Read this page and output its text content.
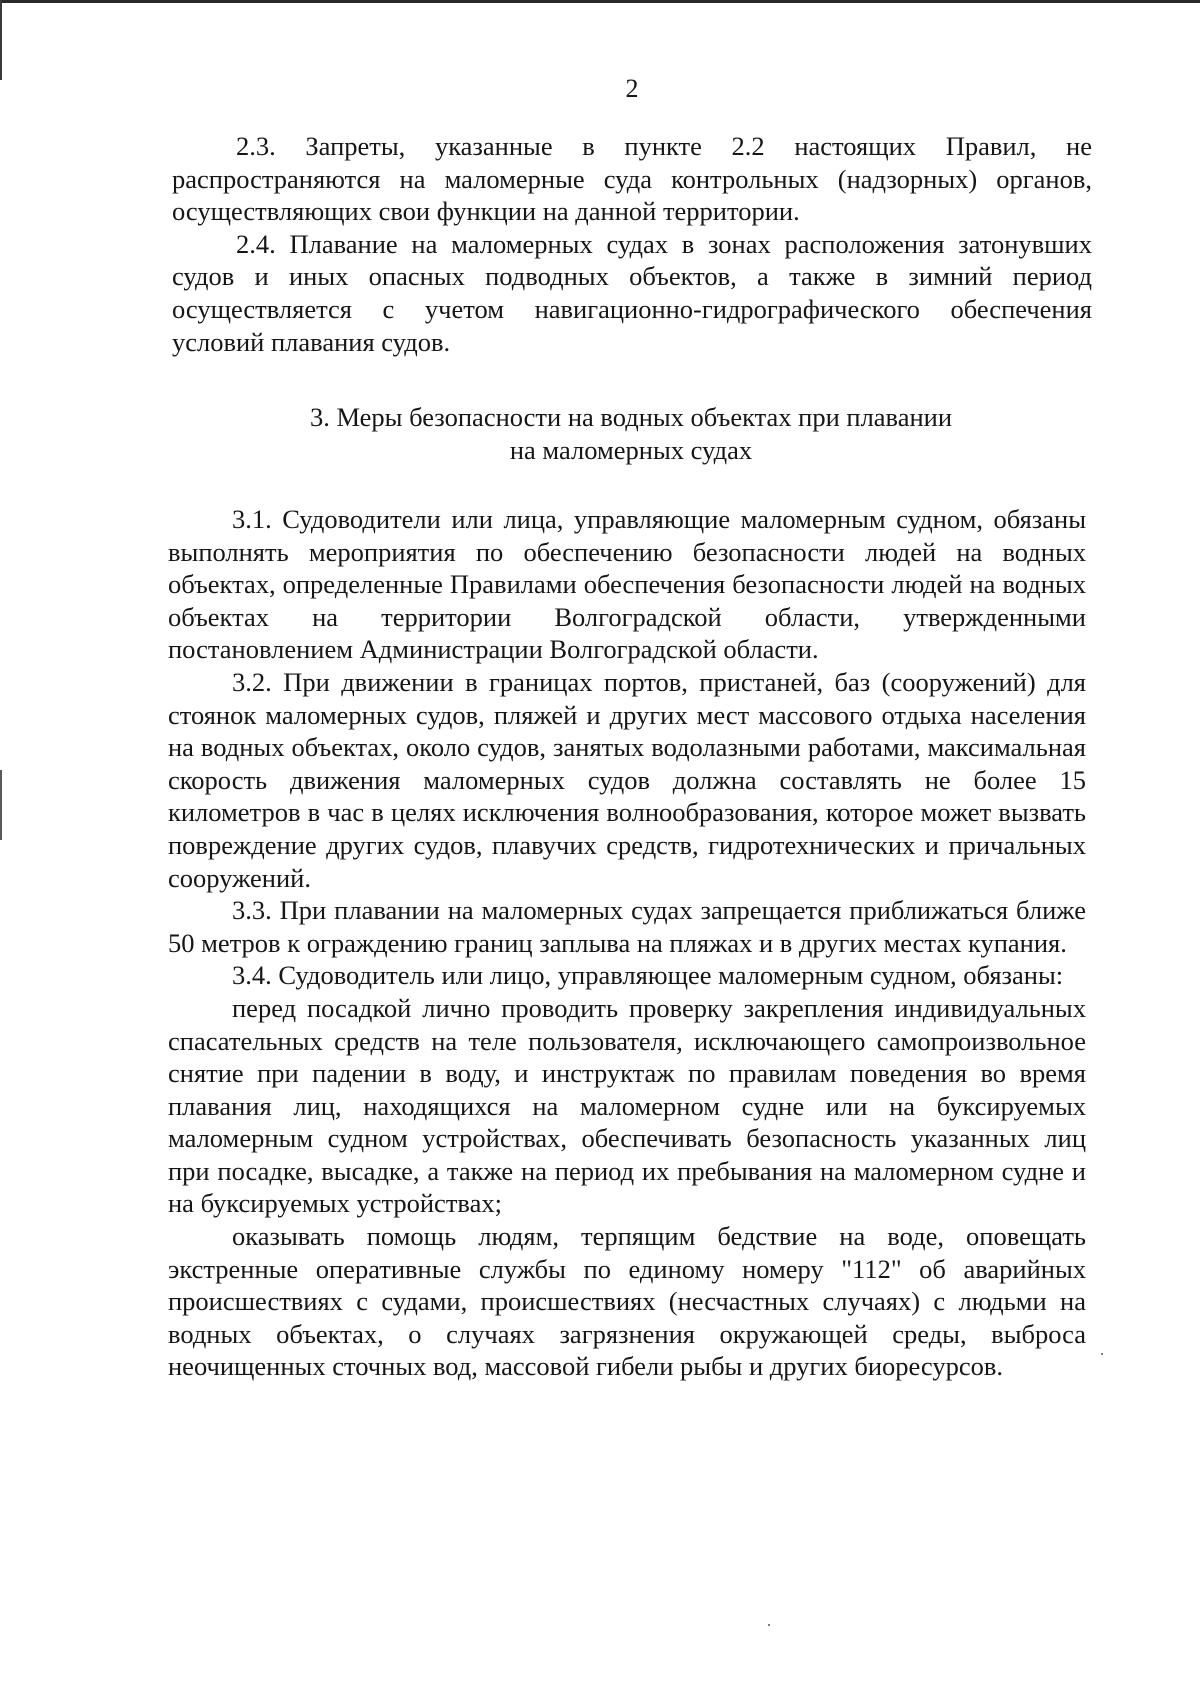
2

2.3. Запреты, указанные в пункте 2.2 настоящих Правил, не распространяются на маломерные суда контрольных (надзорных) органов, осуществляющих свои функции на данной территории.

2.4. Плавание на маломерных судах в зонах расположения затонувших судов и иных опасных подводных объектов, а также в зимний период осуществляется с учетом навигационно-гидрографического обеспечения условий плавания судов.

3. Меры безопасности на водных объектах при плавании
на маломерных судах

3.1. Судоводители или лица, управляющие маломерным судном, обязаны выполнять мероприятия по обеспечению безопасности людей на водных объектах, определенные Правилами обеспечения безопасности людей на водных объектах на территории Волгоградской области, утвержденными постановлением Администрации Волгоградской области.

3.2. При движении в границах портов, пристаней, баз (сооружений) для стоянок маломерных судов, пляжей и других мест массового отдыха населения на водных объектах, около судов, занятых водолазными работами, максимальная скорость движения маломерных судов должна составлять не более 15 километров в час в целях исключения волнообразования, которое может вызвать повреждение других судов, плавучих средств, гидротехнических и причальных сооружений.

3.3. При плавании на маломерных судах запрещается приближаться ближе 50 метров к ограждению границ заплыва на пляжах и в других местах купания.

3.4. Судоводитель или лицо, управляющее маломерным судном, обязаны:

перед посадкой лично проводить проверку закрепления индивидуальных спасательных средств на теле пользователя, исключающего самопроизвольное снятие при падении в воду, и инструктаж по правилам поведения во время плавания лиц, находящихся на маломерном судне или на буксируемых маломерным судном устройствах, обеспечивать безопасность указанных лиц при посадке, высадке, а также на период их пребывания на маломерном судне и на буксируемых устройствах;

оказывать помощь людям, терпящим бедствие на воде, оповещать экстренные оперативные службы по единому номеру "112" об аварийных происшествиях с судами, происшествиях (несчастных случаях) с людьми на водных объектах, о случаях загрязнения окружающей среды, выброса неочищенных сточных вод, массовой гибели рыбы и других биоресурсов.
